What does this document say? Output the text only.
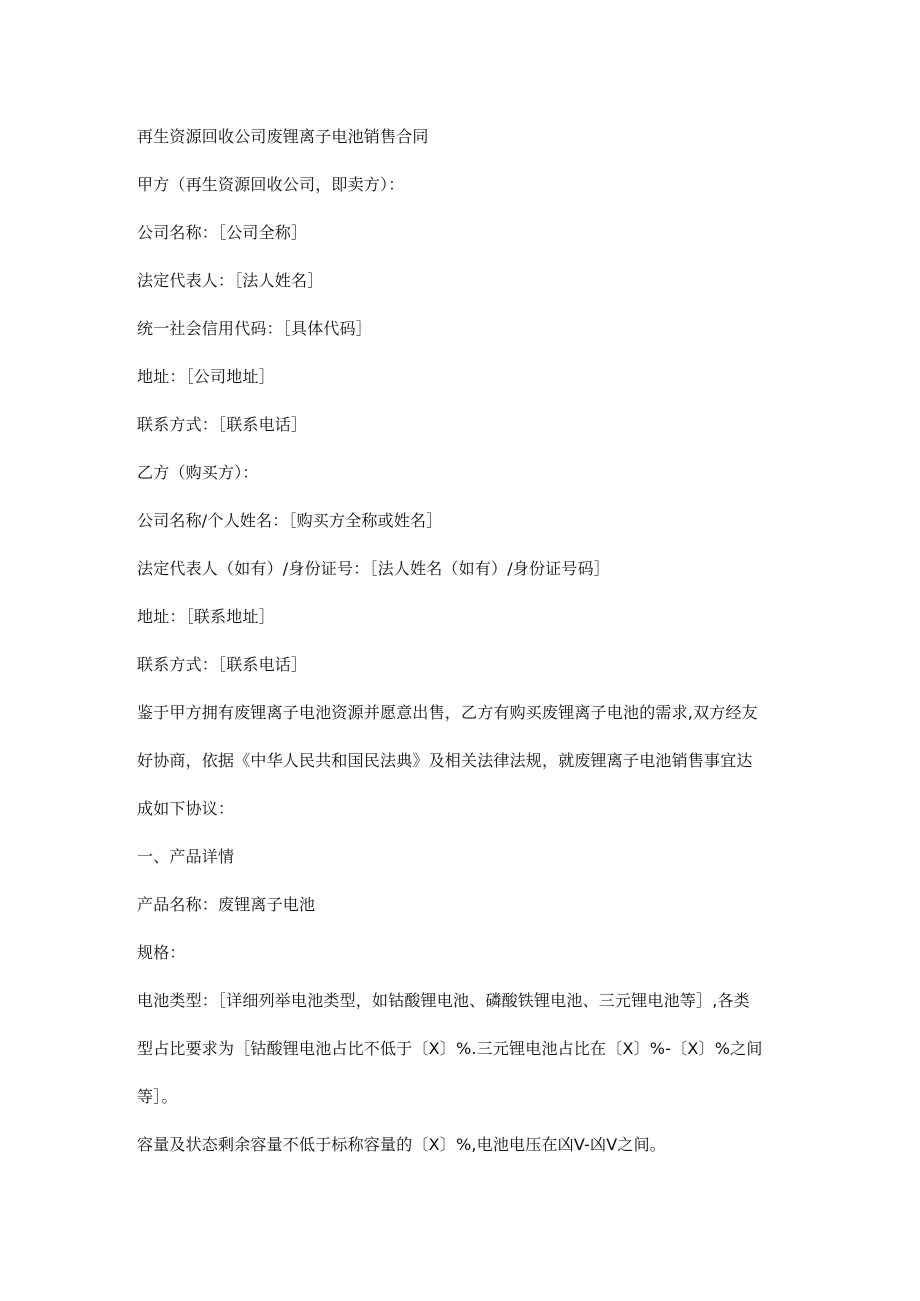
再生资源回收公司废锂离子电池销售合同
甲方（再生资源回收公司，即卖方）：
公司名称：［公司全称］
法定代表人：［法人姓名］
统一社会信用代码：［具体代码］
地址：［公司地址］
联系方式：［联系电话］
乙方（购买方）：
公司名称/个人姓名：［购买方全称或姓名］
法定代表人（如有）/身份证号：［法人姓名（如有）/身份证号码］
地址：［联系地址］
联系方式：［联系电话］
鉴于甲方拥有废锂离子电池资源并愿意出售，乙方有购买废锂离子电池的需求,双方经友
好协商，依据《中华人民共和国民法典》及相关法律法规，就废锂离子电池销售事宜达
成如下协议：
一、产品详情
产品名称：废锂离子电池
规格：
电池类型：［详细列举电池类型，如钴酸锂电池、磷酸铁锂电池、三元锂电池等］,各类
型占比要求为［钴酸锂电池占比不低于〔X〕%.三元锂电池占比在〔X〕%-〔X〕%之间
等］。
容量及状态剩余容量不低于标称容量的〔X〕%,电池电压在凶V-凶V之间。
